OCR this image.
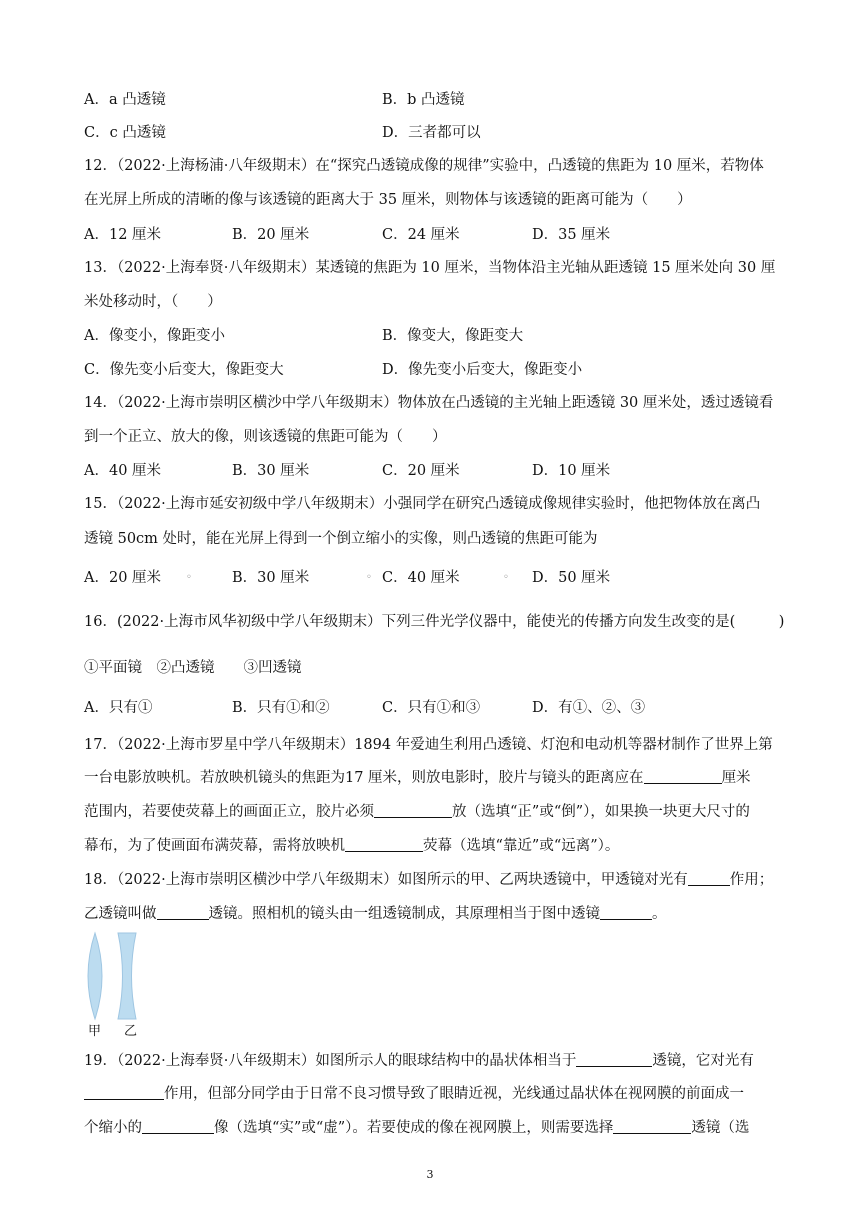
A．a 凸透镜	B．b 凸透镜
C．c 凸透镜	D．三者都可以
12．（2022·上海杨浦·八年级期末）在“探究凸透镜成像的规律”实验中，凸透镜的焦距为 10 厘米，若物体
在光屏上所成的清晰的像与该透镜的距离大于 35 厘米，则物体与该透镜的距离可能为（　　）
A．12 厘米	B．20 厘米	C．24 厘米	D．35 厘米
13．（2022·上海奉贤·八年级期末）某透镜的焦距为 10 厘米，当物体沿主光轴从距透镜 15 厘米处向 30 厘
米处移动时，（　　）
A．像变小，像距变小	B．像变大，像距变大
C．像先变小后变大，像距变大	D．像先变小后变大，像距变小
14．（2022·上海市崇明区横沙中学八年级期末）物体放在凸透镜的主光轴上距透镜 30 厘米处，透过透镜看
到一个正立、放大的像，则该透镜的焦距可能为（　　）
A．40 厘米	B．30 厘米	C．20 厘米	D．10 厘米
15．（2022·上海市延安初级中学八年级期末）小强同学在研究凸透镜成像规律实验时，他把物体放在离凸
透镜 50cm 处时，能在光屏上得到一个倒立缩小的实像，则凸透镜的焦距可能为
A．20 厘米 ◦	B．30 厘米	◦ C．40 厘米	◦ D．50 厘米
16．(2022·上海市风华初级中学八年级期末）下列三件光学仪器中，能使光的传播方向发生改变的是(　　　)
①平面镜　②凸透镜　　③凹透镜
A．只有①	B．只有①和②	C．只有①和③	D．有①、②、③
17．（2022·上海市罗星中学八年级期末）1894 年爱迪生利用凸透镜、灯泡和电动机等器材制作了世界上第
一台电影放映机。若放映机镜头的焦距为17 厘米，则放电影时，胶片与镜头的距离应在	厘米
范围内，若要使荧幕上的画面正立，胶片必须	放（选填“正”或“倒”），如果换一块更大尺寸的
幕布，为了使画面布满荧幕，需将放映机	荧幕（选填“靠近”或“远离”）。
18．（2022·上海市崇明区横沙中学八年级期末）如图所示的甲、乙两块透镜中，甲透镜对光有	作用；
乙透镜叫做	透镜。照相机的镜头由一组透镜制成，其原理相当于图中透镜	。
甲 乙
19．（2022·上海奉贤·八年级期末）如图所示人的眼球结构中的晶状体相当于	透镜，它对光有
作用，但部分同学由于日常不良习惯导致了眼睛近视，光线通过晶状体在视网膜的前面成一
个缩小的	像（选填“实”或“虚”）。若要使成的像在视网膜上，则需要选择	透镜（选
3
